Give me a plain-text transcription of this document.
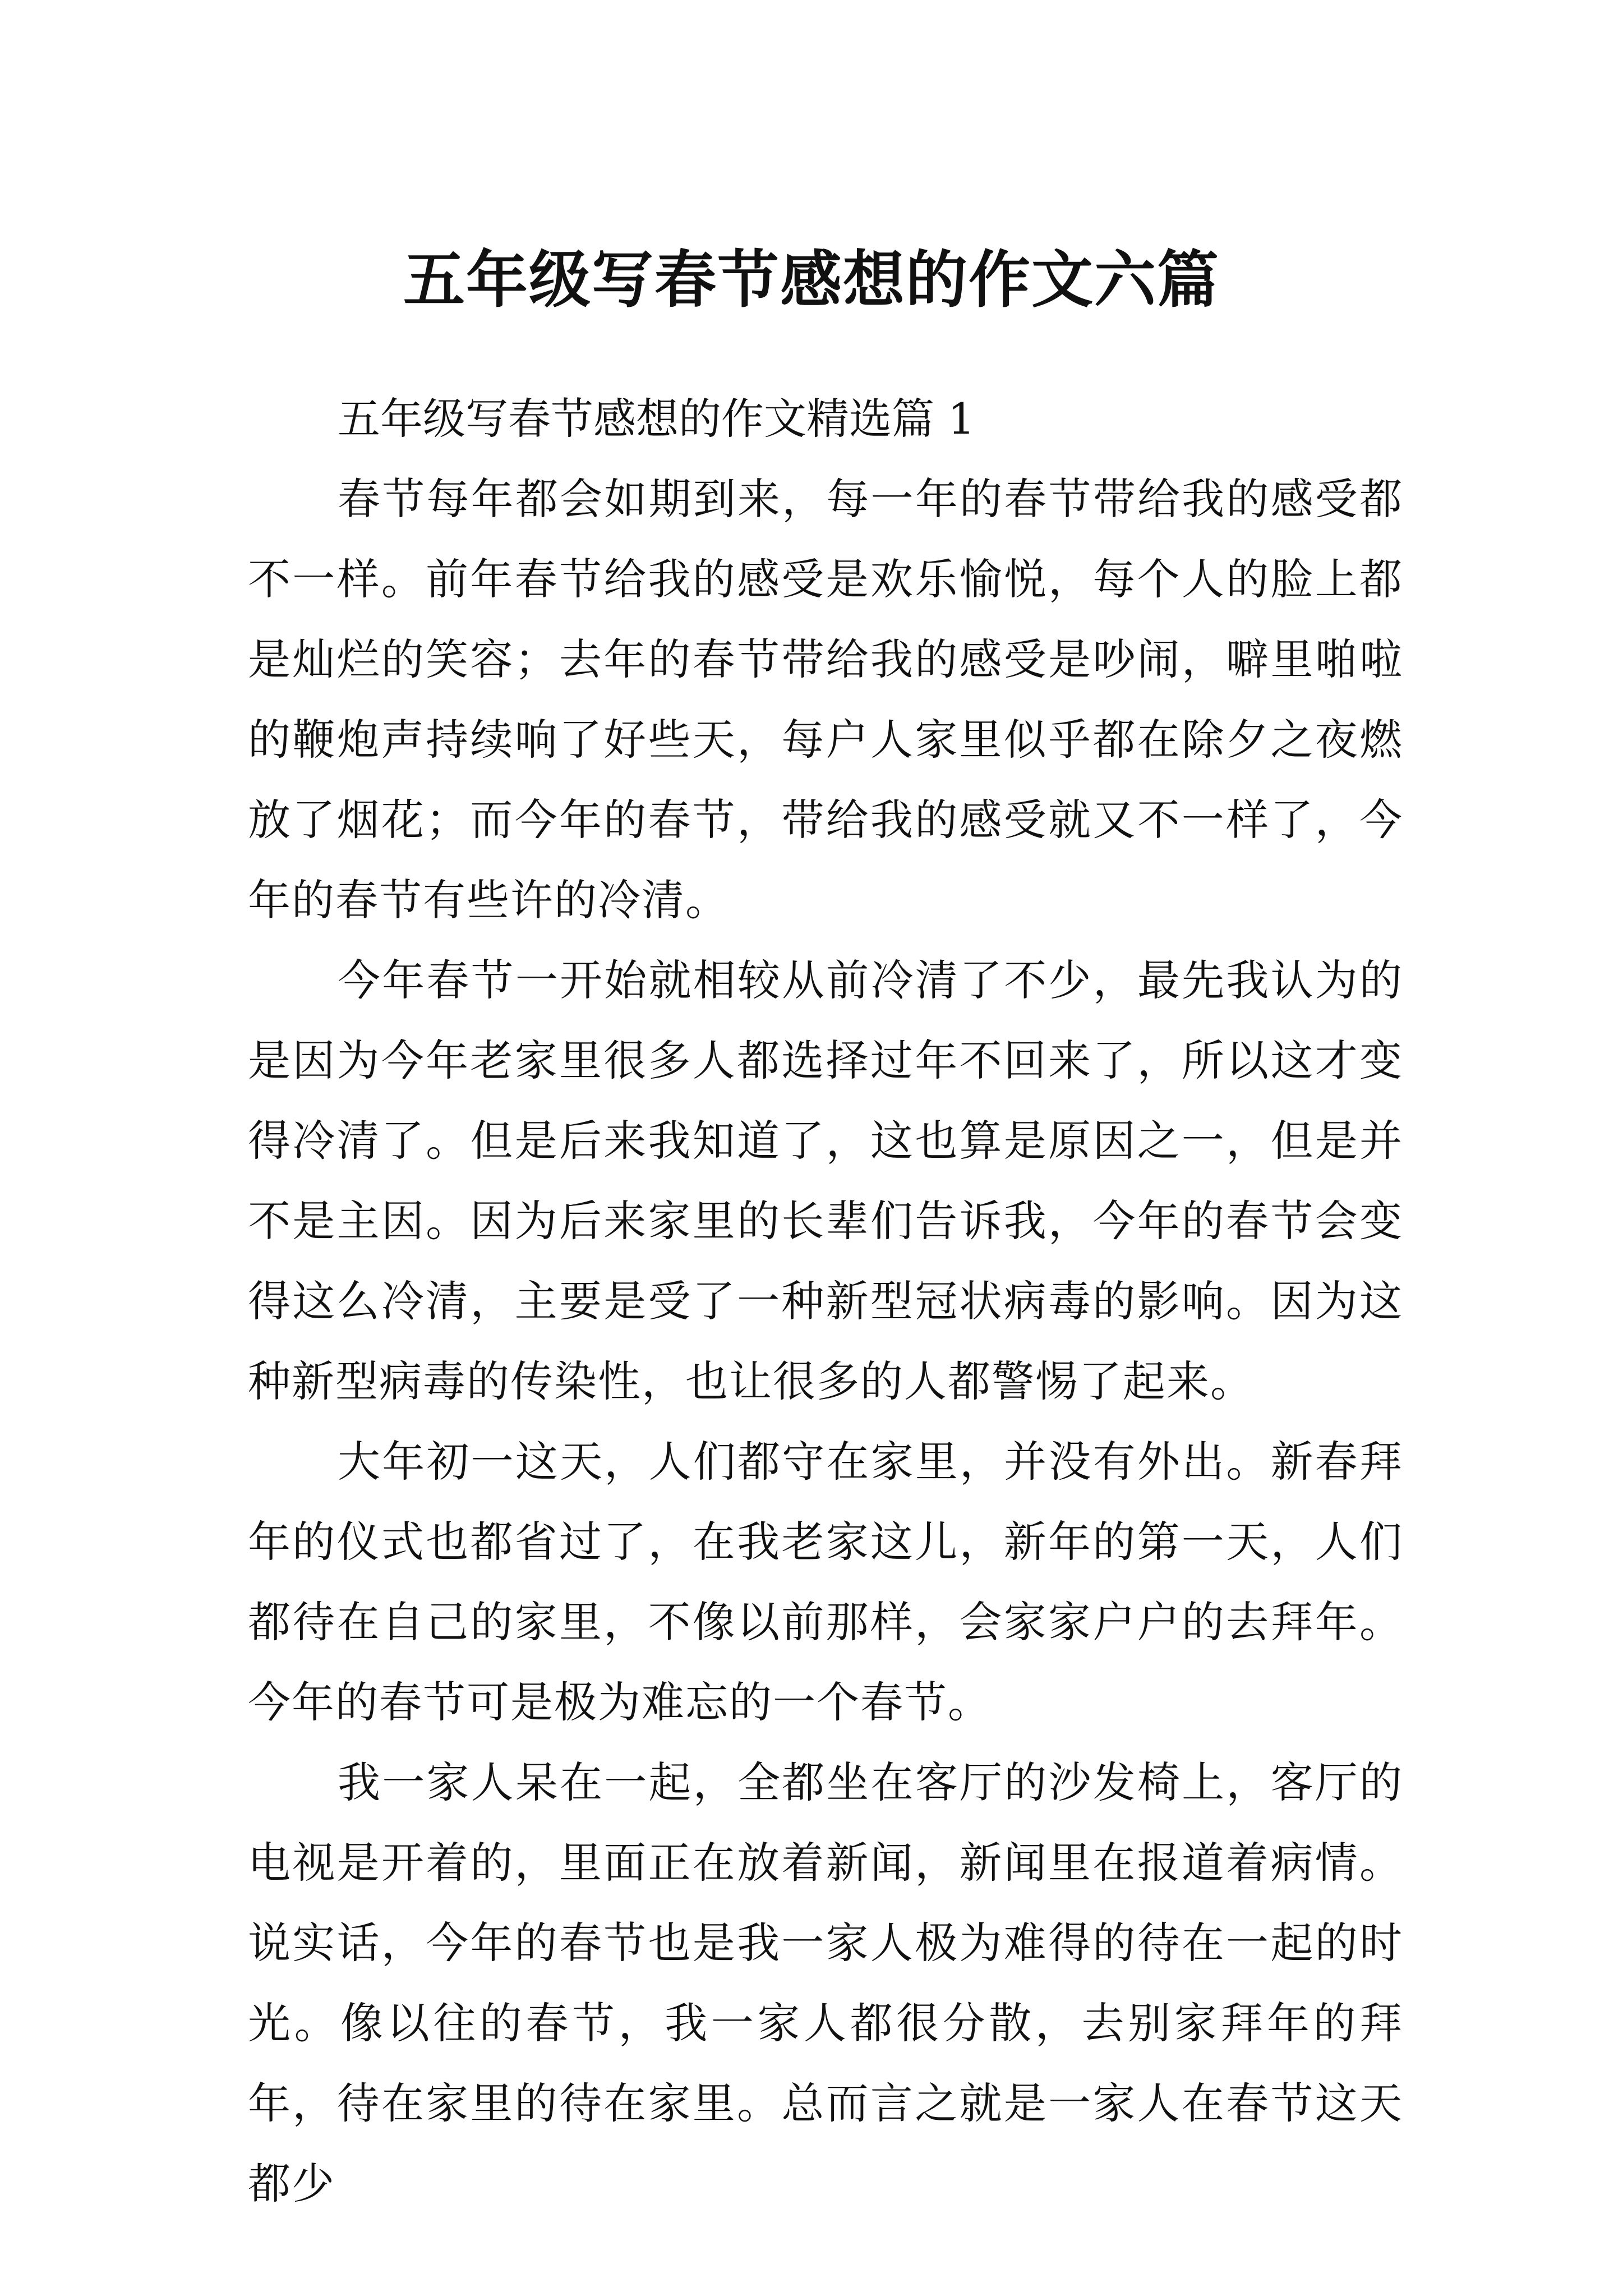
五年级写春节感想的作文六篇

五年级写春节感想的作文精选篇 1

春节每年都会如期到来，每一年的春节带给我的感受都不一样。前年春节给我的感受是欢乐愉悦，每个人的脸上都是灿烂的笑容；去年的春节带给我的感受是吵闹，噼里啪啦的鞭炮声持续响了好些天，每户人家里似乎都在除夕之夜燃放了烟花；而今年的春节，带给我的感受就又不一样了，今年的春节有些许的冷清。

今年春节一开始就相较从前冷清了不少，最先我认为的是因为今年老家里很多人都选择过年不回来了，所以这才变得冷清了。但是后来我知道了，这也算是原因之一，但是并不是主因。因为后来家里的长辈们告诉我，今年的春节会变得这么冷清，主要是受了一种新型冠状病毒的影响。因为这种新型病毒的传染性，也让很多的人都警惕了起来。

大年初一这天，人们都守在家里，并没有外出。新春拜年的仪式也都省过了，在我老家这儿，新年的第一天，人们都待在自己的家里，不像以前那样，会家家户户的去拜年。今年的春节可是极为难忘的一个春节。

我一家人呆在一起，全都坐在客厅的沙发椅上，客厅的电视是开着的，里面正在放着新闻，新闻里在报道着病情。说实话，今年的春节也是我一家人极为难得的待在一起的时光。像以往的春节，我一家人都很分散，去别家拜年的拜年，待在家里的待在家里。总而言之就是一家人在春节这天都少
